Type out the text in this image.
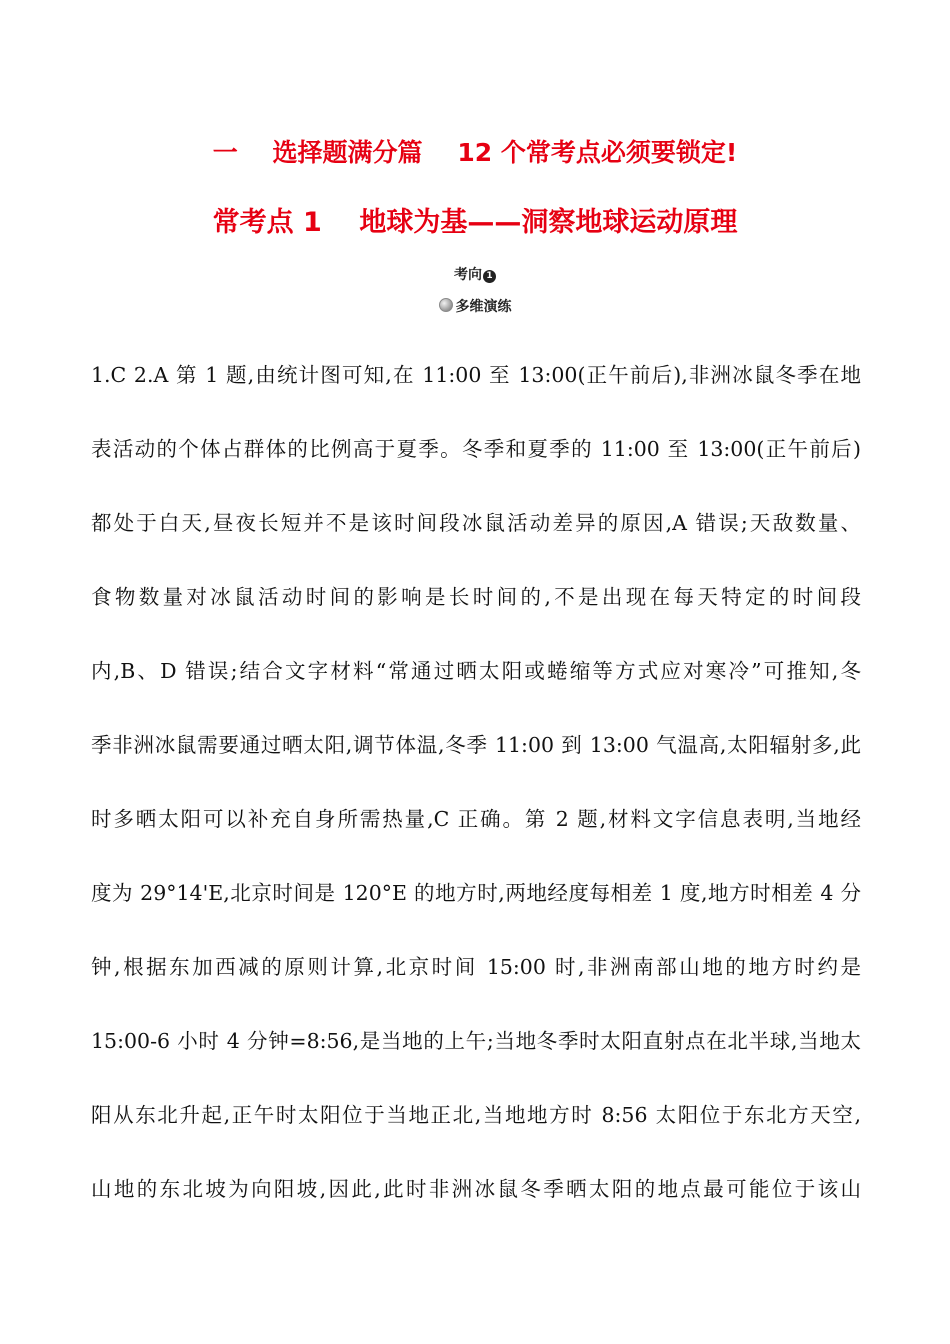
一    选择题满分篇    12 个常考点必须要锁定!
常考点 1    地球为基——洞察地球运动原理
考向 1
多维演练
1.C 2.A 第 1 题,由统计图可知,在 11:00 至 13:00(正午前后),非洲冰鼠冬季在地
表活动的个体占群体的比例高于夏季。冬季和夏季的 11:00 至 13:00(正午前后)
都处于白天,昼夜长短并不是该时间段冰鼠活动差异的原因,A 错误;天敌数量、
食物数量对冰鼠活动时间的影响是长时间的,不是出现在每天特定的时间段
内,B、D 错误;结合文字材料“常通过晒太阳或蜷缩等方式应对寒冷”可推知,冬
季非洲冰鼠需要通过晒太阳,调节体温,冬季 11:00 到 13:00 气温高,太阳辐射多,此
时多晒太阳可以补充自身所需热量,C 正确。第 2 题,材料文字信息表明,当地经
度为 29°14'E,北京时间是 120°E 的地方时,两地经度每相差 1 度,地方时相差 4 分
钟,根据东加西减的原则计算,北京时间 15:00 时,非洲南部山地的地方时约是
15:00-6 小时 4 分钟=8:56,是当地的上午;当地冬季时太阳直射点在北半球,当地太
阳从东北升起,正午时太阳位于当地正北,当地地方时 8:56 太阳位于东北方天空,
山地的东北坡为向阳坡,因此,此时非洲冰鼠冬季晒太阳的地点最可能位于该山
